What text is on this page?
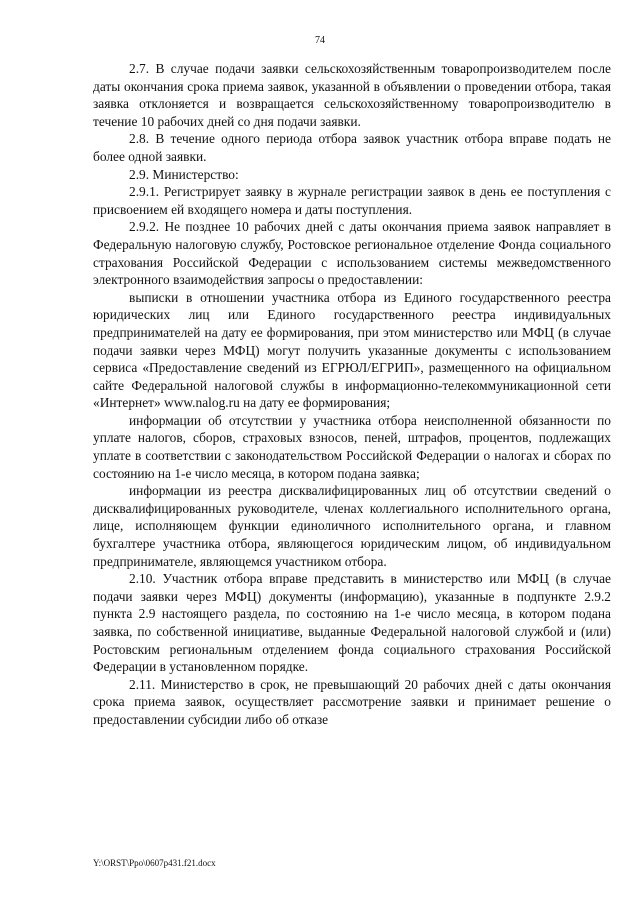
74

2.7. В случае подачи заявки сельскохозяйственным товаропроизводителем после даты окончания срока приема заявок, указанной в объявлении о проведении отбора, такая заявка отклоняется и возвращается сельскохозяйственному товаропроизводителю в течение 10 рабочих дней со дня подачи заявки.

2.8. В течение одного периода отбора заявок участник отбора вправе подать не более одной заявки.

2.9. Министерство:

2.9.1. Регистрирует заявку в журнале регистрации заявок в день ее поступления с присвоением ей входящего номера и даты поступления.

2.9.2. Не позднее 10 рабочих дней с даты окончания приема заявок направляет в Федеральную налоговую службу, Ростовское региональное отделение Фонда социального страхования Российской Федерации с использованием системы межведомственного электронного взаимодействия запросы о предоставлении:

выписки в отношении участника отбора из Единого государственного реестра юридических лиц или Единого государственного реестра индивидуальных предпринимателей на дату ее формирования, при этом министерство или МФЦ (в случае подачи заявки через МФЦ) могут получить указанные документы с использованием сервиса «Предоставление сведений из ЕГРЮЛ/ЕГРИП», размещенного на официальном сайте Федеральной налоговой службы в информационно-телекоммуникационной сети «Интернет» www.nalog.ru на дату ее формирования;

информации об отсутствии у участника отбора неисполненной обязанности по уплате налогов, сборов, страховых взносов, пеней, штрафов, процентов, подлежащих уплате в соответствии с законодательством Российской Федерации о налогах и сборах по состоянию на 1-е число месяца, в котором подана заявка;

информации из реестра дисквалифицированных лиц об отсутствии сведений о дисквалифицированных руководителе, членах коллегиального исполнительного органа, лице, исполняющем функции единоличного исполнительного органа, и главном бухгалтере участника отбора, являющегося юридическим лицом, об индивидуальном предпринимателе, являющемся участником отбора.

2.10. Участник отбора вправе представить в министерство или МФЦ (в случае подачи заявки через МФЦ) документы (информацию), указанные в подпункте 2.9.2 пункта 2.9 настоящего раздела, по состоянию на 1-е число месяца, в котором подана заявка, по собственной инициативе, выданные Федеральной налоговой службой и (или) Ростовским региональным отделением фонда социального страхования Российской Федерации в установленном порядке.

2.11. Министерство в срок, не превышающий 20 рабочих дней с даты окончания срока приема заявок, осуществляет рассмотрение заявки и принимает решение о предоставлении субсидии либо об отказе

Y:\ORST\Ppo\0607p431.f21.docx
